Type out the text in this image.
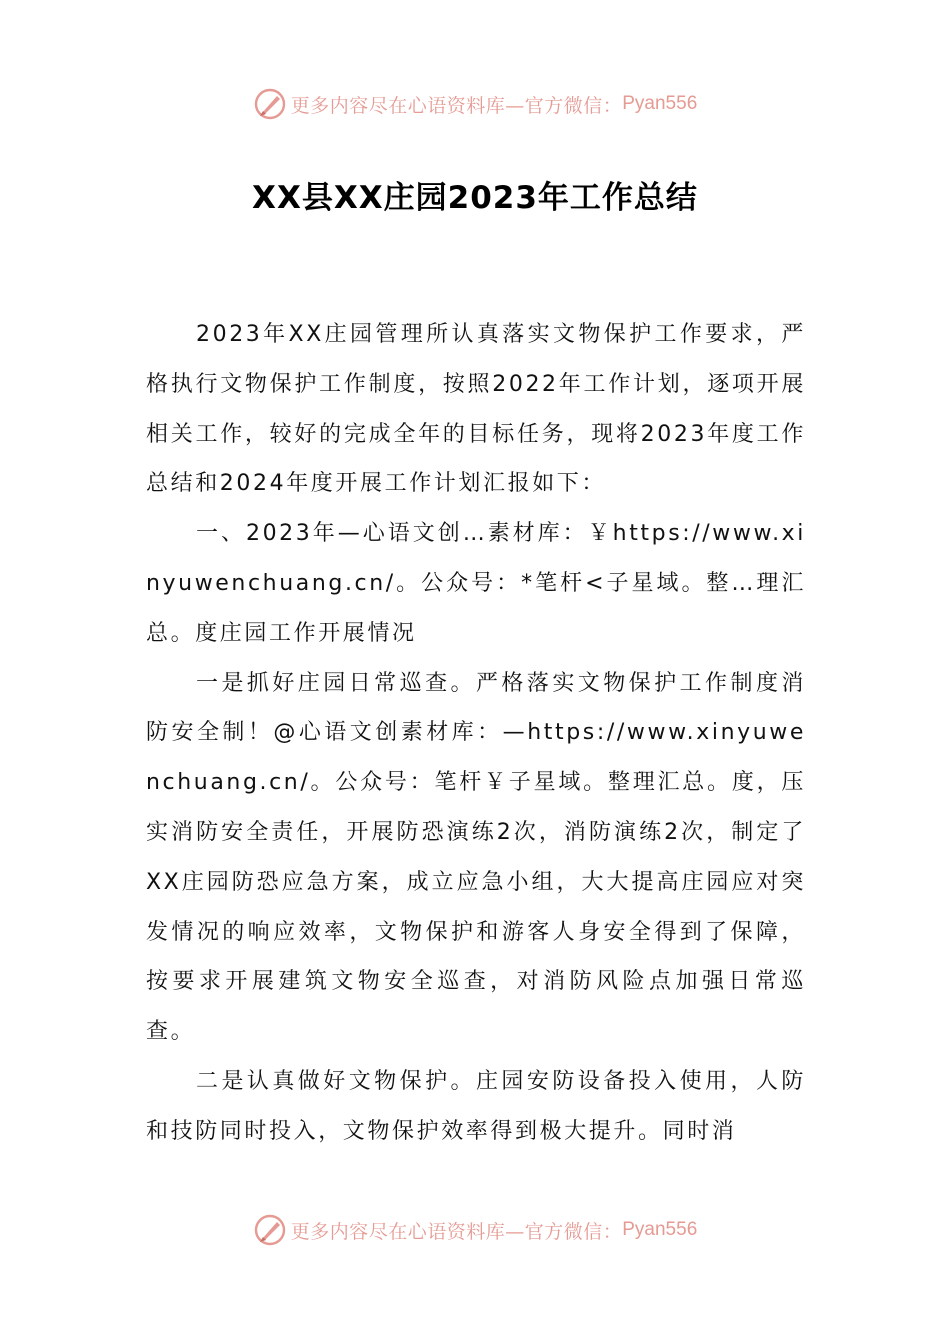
更多内容尽在心语资料库—官方微信： Pyan556
XX县XX庄园2023年工作总结

2023年XX庄园管理所认真落实文物保护工作要求，严格执行文物保护工作制度，按照2022年工作计划，逐项开展相关工作，较好的完成全年的目标任务，现将2023年度工作总结和2024年度开展工作计划汇报如下：

一、2023年—心语文创…素材库：￥https://www.xinyuwenchuang.cn/。公众号：*笔杆<子星域。整…理汇总。度庄园工作开展情况

一是抓好庄园日常巡查。严格落实文物保护工作制度消防安全制！@心语文创素材库：—https://www.xinyuwenchuang.cn/。公众号：笔杆￥子星域。整理汇总。度，压实消防安全责任，开展防恐演练2次，消防演练2次，制定了XX庄园防恐应急方案，成立应急小组，大大提高庄园应对突发情况的响应效率，文物保护和游客人身安全得到了保障，按要求开展建筑文物安全巡查，对消防风险点加强日常巡查。

二是认真做好文物保护。庄园安防设备投入使用，人防和技防同时投入，文物保护效率得到极大提升。同时消

更多内容尽在心语资料库—官方微信： Pyan556
